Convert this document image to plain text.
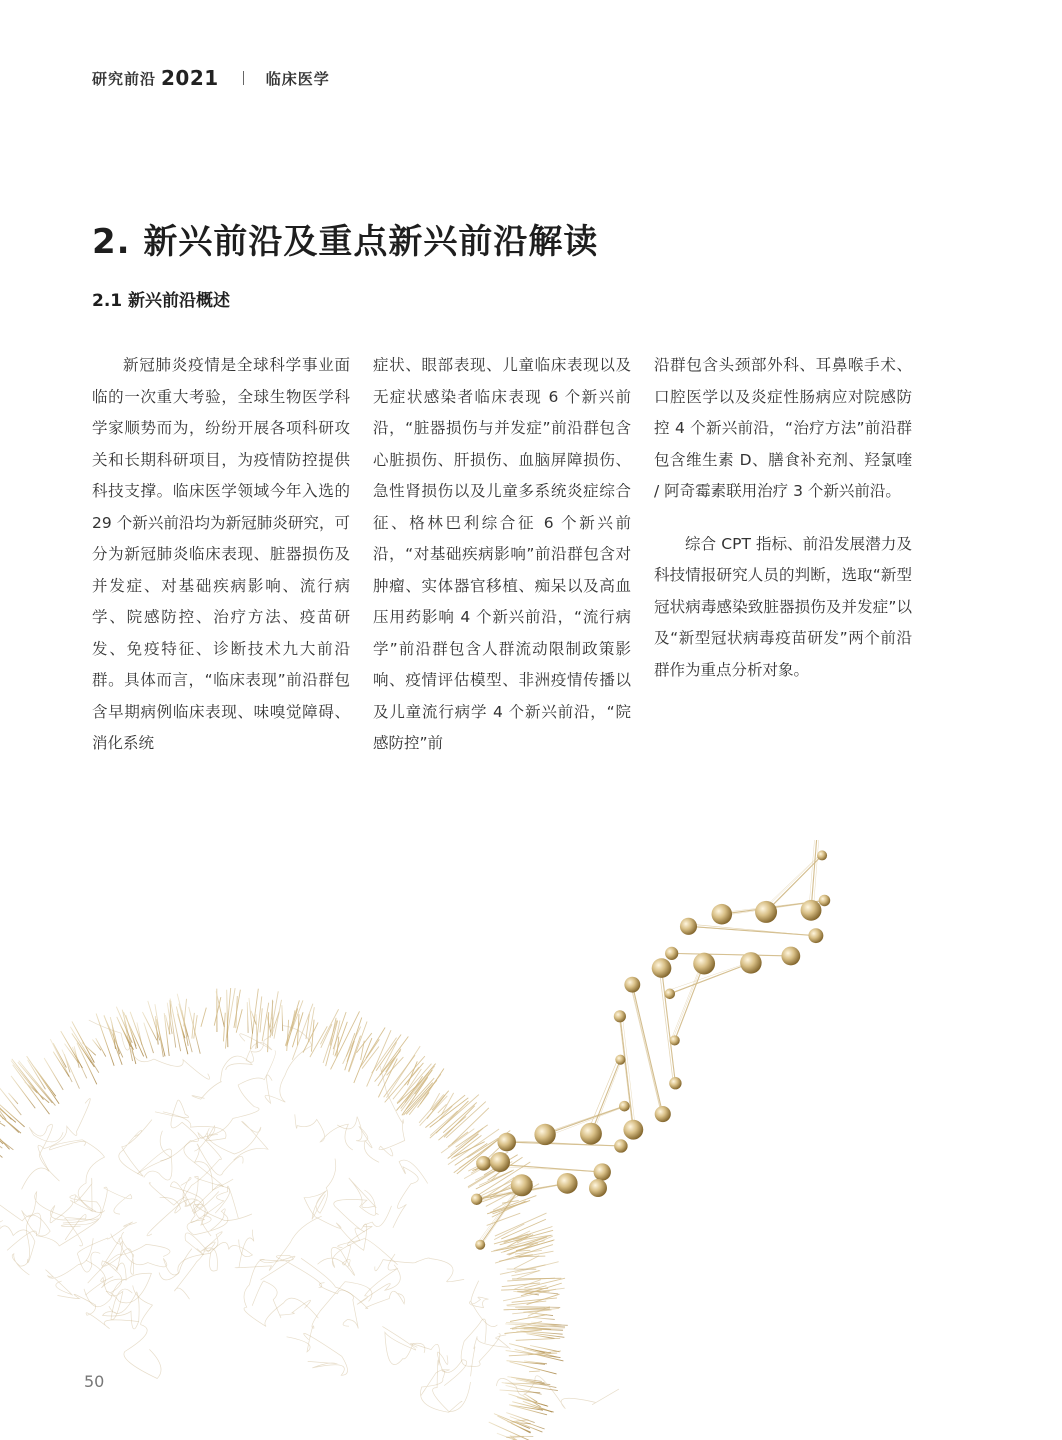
研究前沿 2021	临床医学
2. 新兴前沿及重点新兴前沿解读
2.1 新兴前沿概述

新冠肺炎疫情是全球科学事业面临的一次重大考验，全球生物医学科学家顺势而为，纷纷开展各项科研攻关和长期科研项目，为疫情防控提供科技支撑。临床医学领域今年入选的 29 个新兴前沿均为新冠肺炎研究，可分为新冠肺炎临床表现、脏器损伤及并发症、对基础疾病影响、流行病学、院感防控、治疗方法、疫苗研发、免疫特征、诊断技术九大前沿群。具体而言，“临床表现”前沿群包含早期病例临床表现、味嗅觉障碍、消化系统

症状、眼部表现、儿童临床表现以及无症状感染者临床表现 6 个新兴前沿，“脏器损伤与并发症”前沿群包含心脏损伤、肝损伤、血脑屏障损伤、急性肾损伤以及儿童多系统炎症综合征、格林巴利综合征 6 个新兴前沿，“对基础疾病影响”前沿群包含对肿瘤、实体器官移植、痴呆以及高血压用药影响 4 个新兴前沿，“流行病学”前沿群包含人群流动限制政策影响、疫情评估模型、非洲疫情传播以及儿童流行病学 4 个新兴前沿，“院感防控”前

沿群包含头颈部外科、耳鼻喉手术、口腔医学以及炎症性肠病应对院感防控 4 个新兴前沿，“治疗方法”前沿群包含维生素 D、膳食补充剂、羟氯喹 / 阿奇霉素联用治疗 3 个新兴前沿。

综合 CPT 指标、前沿发展潜力及科技情报研究人员的判断，选取“新型冠状病毒感染致脏器损伤及并发症”以及“新型冠状病毒疫苗研发”两个前沿群作为重点分析对象。

50
